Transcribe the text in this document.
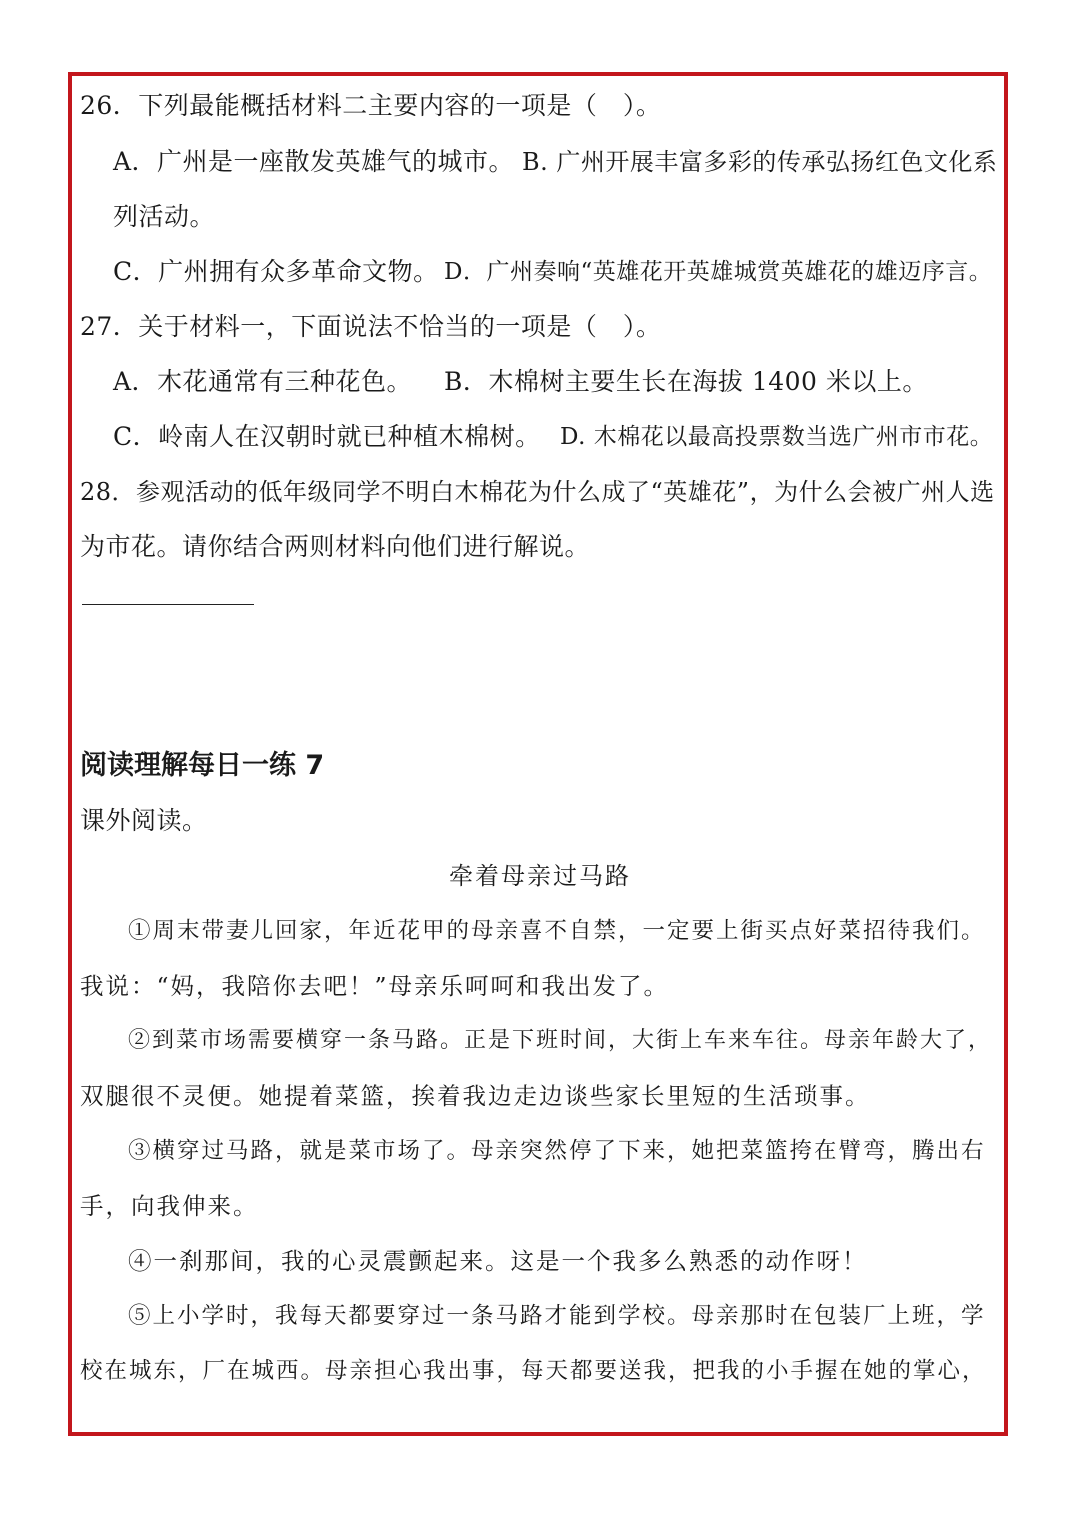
26．下列最能概括材料二主要内容的一项是（　）。
A．广州是一座散发英雄气的城市。 B. 广州开展丰富多彩的传承弘扬红色文化系
列活动。
C．广州拥有众多革命文物。 D．广州奏响“英雄花开英雄城赏英雄花的雄迈序言。
27．关于材料一，下面说法不恰当的一项是（　）。
A．木花通常有三种花色。 B．木棉树主要生长在海拔 1400 米以上。
C．岭南人在汉朝时就已种植木棉树。 D. 木棉花以最高投票数当选广州市市花。
28．参观活动的低年级同学不明白木棉花为什么成了“英雄花”，为什么会被广州人选
为市花。请你结合两则材料向他们进行解说。
阅读理解每日一练 7
课外阅读。
牵着母亲过马路
①周末带妻儿回家，年近花甲的母亲喜不自禁，一定要上街买点好菜招待我们。
我说：“妈，我陪你去吧！”母亲乐呵呵和我出发了。
②到菜市场需要横穿一条马路。正是下班时间，大街上车来车往。母亲年龄大了，
双腿很不灵便。她提着菜篮，挨着我边走边谈些家长里短的生活琐事。
③横穿过马路，就是菜市场了。母亲突然停了下来，她把菜篮挎在臂弯，腾出右
手，向我伸来。
④一刹那间，我的心灵震颤起来。这是一个我多么熟悉的动作呀！
⑤上小学时，我每天都要穿过一条马路才能到学校。母亲那时在包装厂上班，学
校在城东，厂在城西。母亲担心我出事，每天都要送我，把我的小手握在她的掌心，
